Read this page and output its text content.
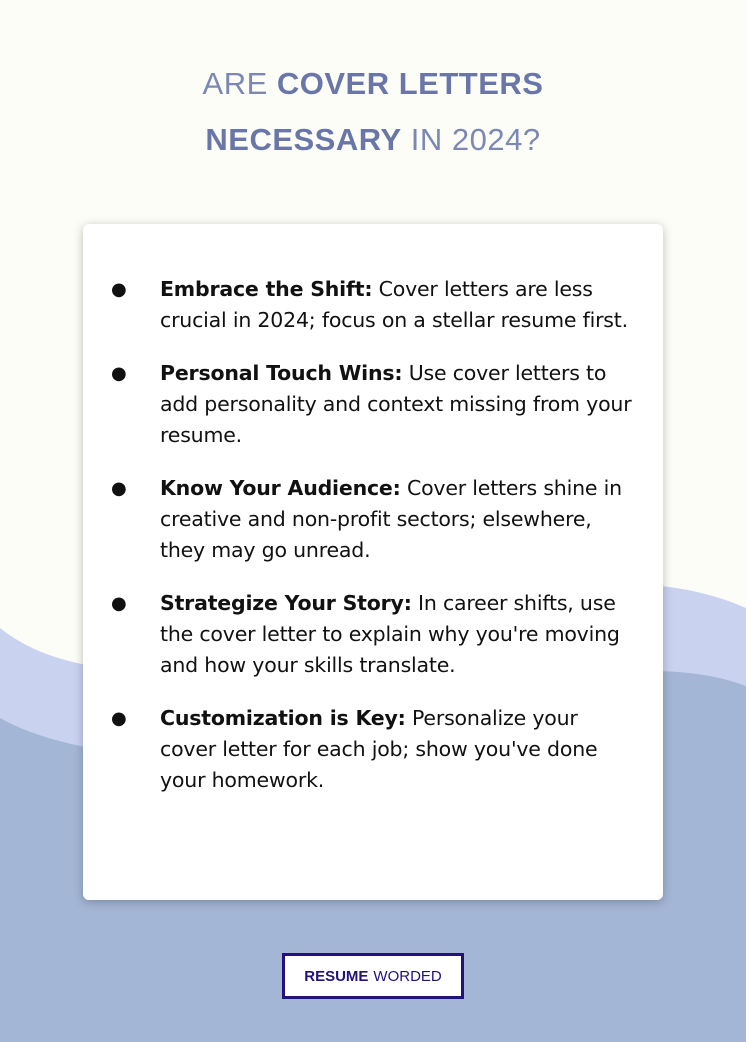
ARE COVER LETTERS
NECESSARY IN 2024?
● Embrace the Shift: Cover letters are less crucial in 2024; focus on a stellar resume first.
● Personal Touch Wins: Use cover letters to add personality and context missing from your resume.
● Know Your Audience: Cover letters shine in creative and non-profit sectors; elsewhere, they may go unread.
● Strategize Your Story: In career shifts, use the cover letter to explain why you're moving and how your skills translate.
● Customization is Key: Personalize your cover letter for each job; show you've done your homework.
RESUME WORDED
